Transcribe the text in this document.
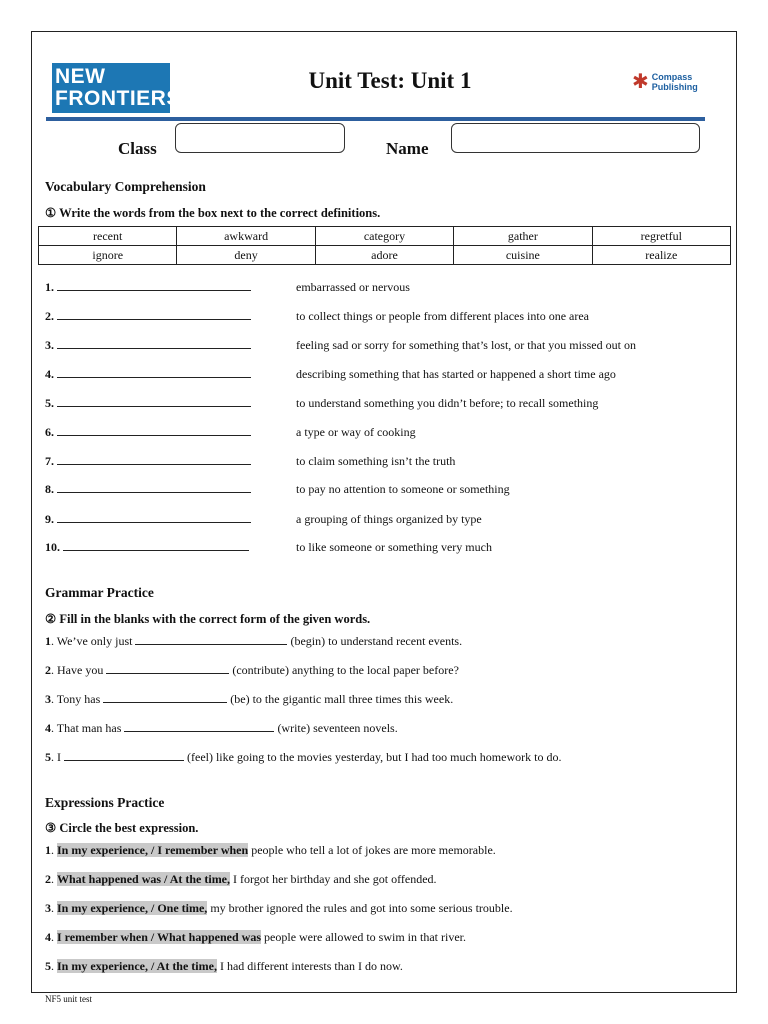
NEW
FRONTIERS
Unit Test: Unit 1	✱ Compass
Publishing
Class	Name
Vocabulary Comprehension
① Write the words from the box next to the correct definitions.
recent	awkward	category	gather	regretful
ignore	deny	adore	cuisine	realize
1.	embarrassed or nervous
2.	to collect things or people from different places into one area
3.	feeling sad or sorry for something that’s lost, or that you missed out on
4.	describing something that has started or happened a short time ago
5.	to understand something you didn’t before; to recall something
6.	a type or way of cooking
7.	to claim something isn’t the truth
8.	to pay no attention to someone or something
9.	a grouping of things organized by type
10.	to like someone or something very much
Grammar Practice
② Fill in the blanks with the correct form of the given words.
1. We’ve only just	(begin) to understand recent events.
2. Have you	(contribute) anything to the local paper before?
3. Tony has	(be) to the gigantic mall three times this week.
4. That man has	(write) seventeen novels.
5. I	(feel) like going to the movies yesterday, but I had too much homework to do.
Expressions Practice
③ Circle the best expression.
1. In my experience, / I remember when people who tell a lot of jokes are more memorable.
2. What happened was / At the time, I forgot her birthday and she got offended.
3. In my experience, / One time, my brother ignored the rules and got into some serious trouble.
4. I remember when / What happened was people were allowed to swim in that river.
5. In my experience, / At the time, I had different interests than I do now.
NF5 unit test
